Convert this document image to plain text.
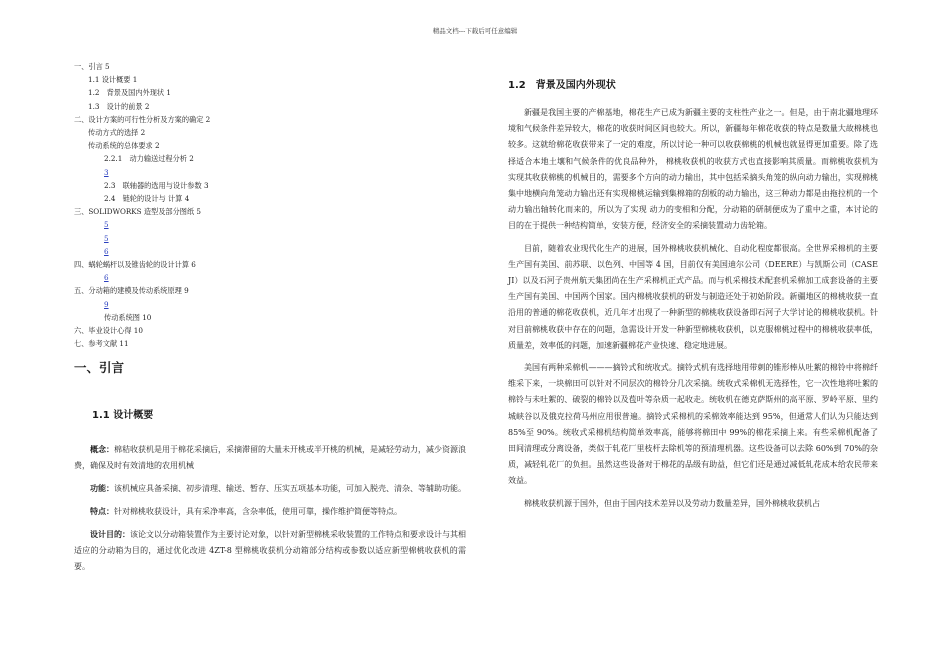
精品文档---下载后可任意编辑
一、引言 5
1.1 设计概要 1
1.2　背景及国内外现状 1
1.3　设计的前景 2
二、设计方案的可行性分析及方案的确定 2
传动方式的选择 2
传动系统的总体要求 2
2.2.1　动力输送过程分析 2
3
2.3　联轴器的选用与设计参数 3
2.4　链轮的设计与 计算 4
三、SOLIDWORKS 造型及部分图纸 5
5
5
6
四、蜗轮蜗杆以及锥齿轮的设计计算 6
6
五、分动箱的建模及传动系统原理 9
9
传动系统图 10
六、毕业设计心得 10
七、参考文献 11
一、引言
1.1 设计概要
概念：棉秸收获机是用于棉花采摘后，采摘滞留的大量未开桃或半开桃的机械，是减轻劳动力，减少资源浪费，确保及时有效清地的农用机械
功能：该机械应具备采摘、初步清理、输送、暂存、压实五项基本功能，可加入脱壳、清杂、等辅助功能。
特点：针对棉桃收获设计，具有采净率高，含杂率低，使用可靠，操作维护简便等特点。
设计目的：该论文以分动箱装置作为主要讨论对象，以针对新型棉桃采收装置的工作特点和要求设计与其相适应的分动箱为目的，通过优化改进 4ZT-8 型棉桃收获机分动箱部分结构或参数以适应新型棉桃收获机的需要。
1.2　背景及国内外现状
新疆是我国主要的产棉基地，棉花生产已成为新疆主要的支柱性产业之一。但是，由于南北疆地理环境和气候条件差异较大，棉花的收获时间区间也较大。所以，新疆每年棉花收获的特点是数量大故棉桃也较多。这就给棉花收获带来了一定的难度，所以讨论一种可以收获棉桃的机械也就显得更加重要。除了选择适合本地土壤和气候条件的优良品种外， 棉桃收获机的收获方式也直接影响其质量。而棉桃收获机为实现其收获棉桃的机械目的，需要多个方向的动力输出，其中包括采摘头角笼的纵向动力输出，实现棉桃集中地横向角笼动力输出还有实现棉桃运输到集棉箱的刮板的动力输出，这三种动力都是由拖拉机的一个动力输出轴转化而来的，所以为了实现 动力的变相和分配，分动箱的研制便成为了重中之重，本讨论的目的在于提供一种结构简单，安装方便，经济安全的采摘装置动力齿轮箱。
目前，随着农业现代化生产的进展，国外棉桃收获机械化、自动化程度都很高。全世界采棉机的主要生产国有美国、前苏联、以色列、中国等 4 国，目前仅有美国迪尔公司（DEERE）与凯斯公司（CASE JI）以及石河子贵州航天集团尚在生产采棉机正式产品。而与机采棉技术配套机采棉加工成套设备的主要生产国有美国、中国两个国家。国内棉桃收获机的研发与制造还处于初始阶段。新疆地区的棉桃收获一直沿用的普通的棉花收获机，近几年才出现了一种新型的棉桃收获设备即石河子大学讨论的棉桃收获机。针对目前棉桃收获中存在的问题，急需设计开发一种新型棉桃收获机，以克服棉桃过程中的棉桃收获率低，质量差，效率低的问题，加速新疆棉花产业快速、稳定地进展。
美国有两种采棉机———摘铃式和统收式。摘铃式机有选择地用带刺的锥形棒从吐絮的棉铃中将棉纤维采下来，一块棉田可以针对不同层次的棉铃分几次采摘。统收式采棉机无选择性，它一次性地将吐絮的棉铃与未吐絮的、破裂的棉铃以及苞叶等杂质一起收走。统收机在德克萨斯州的高平原、罗岭平原、里约城峡谷以及俄克拉荷马州应用很普遍。摘铃式采棉机的采棉效率能达到 95%，但通常人们认为只能达到 85%至 90%。统收式采棉机结构简单效率高，能够将棉田中 99%的棉花采摘上来。有些采棉机配备了田间清理或分离设备，类似于轧花厂里枝杆去除机等的预清理机器。这些设备可以去除 60%到 70%的杂质，减轻轧花厂的负担。虽然这些设备对于棉花的品级有助益，但它们还是通过减低轧花成本给农民带来效益。
棉桃收获机源于国外，但由于国内技术差异以及劳动力数量差异，国外棉桃收获机占
